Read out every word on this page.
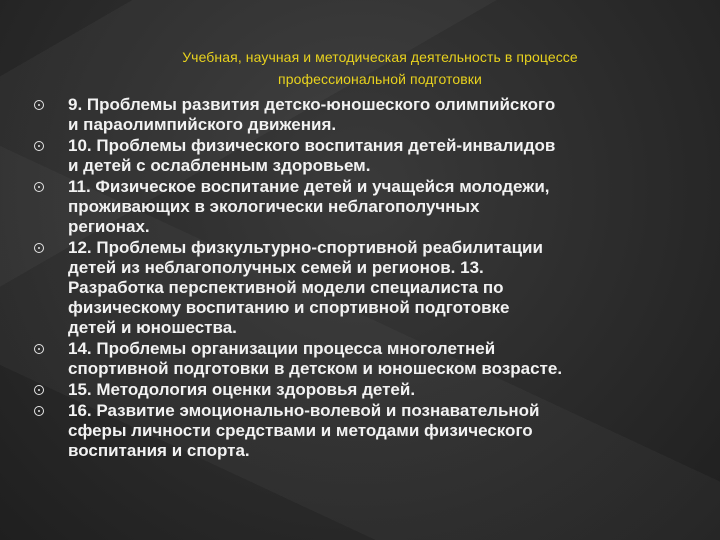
Учебная, научная и методическая деятельность в процессе
профессиональной подготовки
9. Проблемы развития детско-юношеского олимпийского
и параолимпийского движения.
10. Проблемы физического воспитания детей-инвалидов
и детей с ослабленным здоровьем.
11. Физическое воспитание детей и учащейся молодежи,
проживающих в экологически неблагополучных
регионах.
12. Проблемы физкультурно-спортивной реабилитации
детей из неблагополучных семей и регионов. 13.
Разработка перспективной модели специалиста по
физическому воспитанию и спортивной подготовке
детей и юношества.
14. Проблемы организации процесса многолетней
спортивной подготовки в детском и юношеском возрасте.
15. Методология оценки здоровья детей.
16. Развитие эмоционально-волевой и познавательной
сферы личности средствами и методами физического
воспитания и спорта.
